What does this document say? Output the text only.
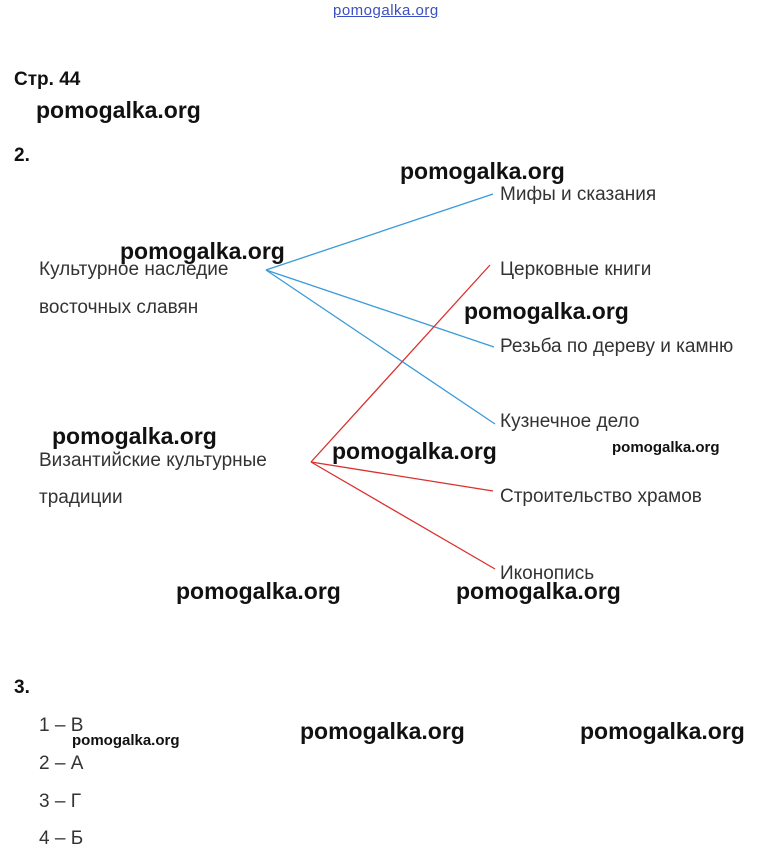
pomogalka.org
Стр. 44
2.
Культурное наследие
восточных славян
Византийские культурные
традиции
Мифы и сказания
Церковные книги
Резьба по дереву и камню
Кузнечное дело
Строительство храмов
Иконопись
3.
1 – В
2 – А
3 – Г
4 – Б
pomogalka.org
pomogalka.org
pomogalka.org
pomogalka.org
pomogalka.org
pomogalka.org	pomogalka.org
pomogalka.org	pomogalka.org
pomogalka.org	pomogalka.org	pomogalka.org
